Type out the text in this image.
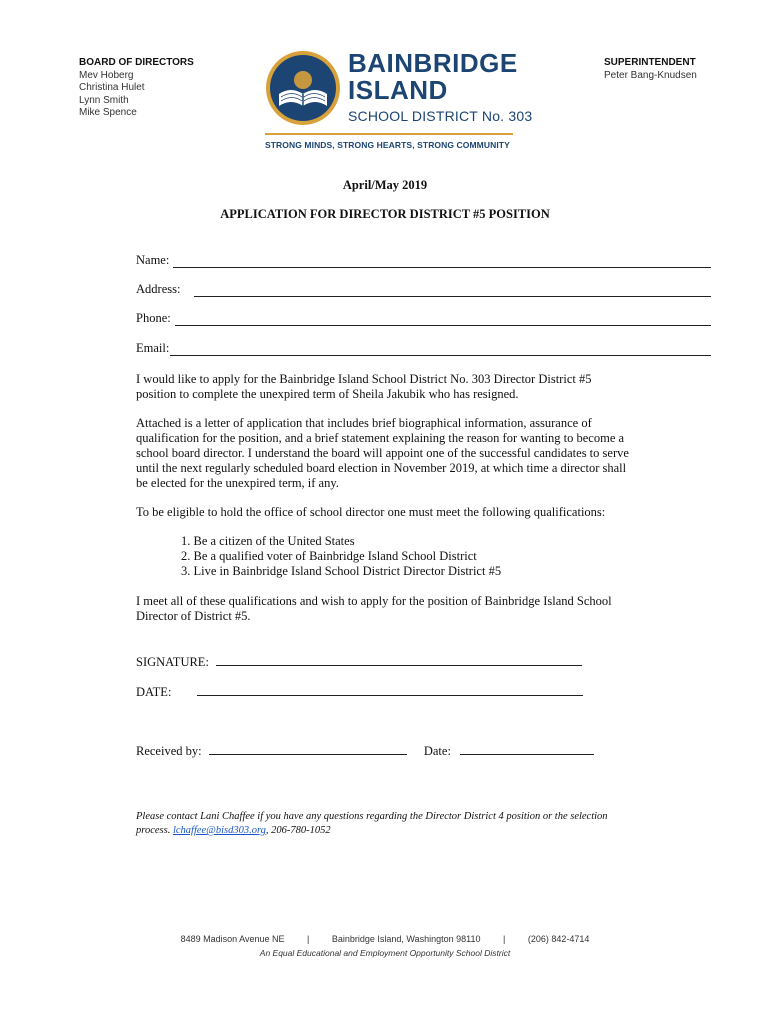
BOARD OF DIRECTORS
Mev Hoberg
Christina Hulet
Lynn Smith
Mike Spence
BAINBRIDGE
ISLAND
SCHOOL DISTRICT No. 303
STRONG MINDS, STRONG HEARTS, STRONG COMMUNITY
SUPERINTENDENT
Peter Bang-Knudsen
April/May 2019
APPLICATION FOR DIRECTOR DISTRICT #5 POSITION
Name:
Address:
Phone:
Email:
I would like to apply for the Bainbridge Island School District No. 303 Director District #5 position to complete the unexpired term of Sheila Jakubik who has resigned.
Attached is a letter of application that includes brief biographical information, assurance of qualification for the position, and a brief statement explaining the reason for wanting to become a school board director. I understand the board will appoint one of the successful candidates to serve until the next regularly scheduled board election in November 2019, at which time a director shall be elected for the unexpired term, if any.
To be eligible to hold the office of school director one must meet the following qualifications:
1. Be a citizen of the United States
2. Be a qualified voter of Bainbridge Island School District
3. Live in Bainbridge Island School District Director District #5
I meet all of these qualifications and wish to apply for the position of Bainbridge Island School Director of District #5.
SIGNATURE:
DATE:
Received by:	Date:
Please contact Lani Chaffee if you have any questions regarding the Director District 4 position or the selection process. lchaffee@bisd303.org, 206-780-1052
8489 Madison Avenue NE	|	Bainbridge Island, Washington 98110	|	(206) 842-4714
An Equal Educational and Employment Opportunity School District
